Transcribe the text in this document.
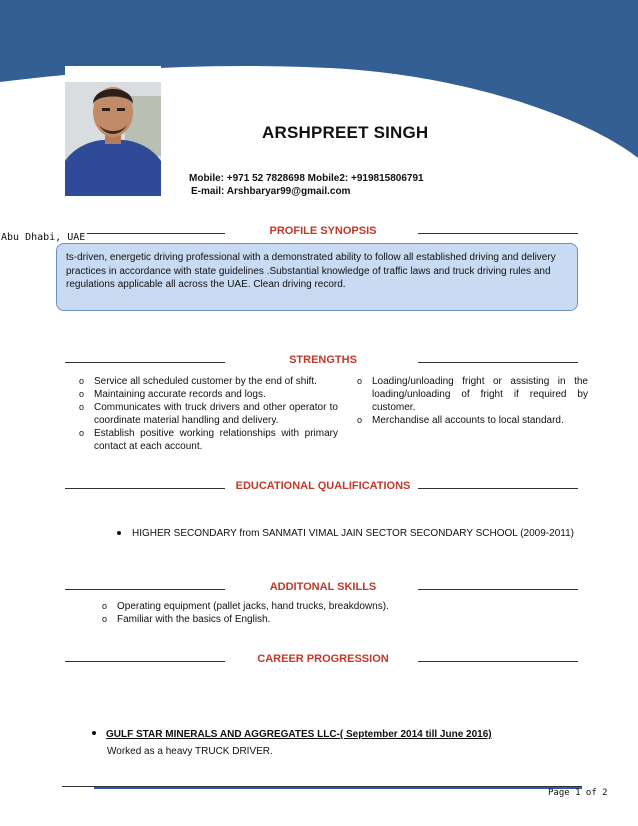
ARSHPREET SINGH
Mobile: +971 52 7828698 Mobile2: +919815806791
E-mail: Arshbaryar99@gmail.com
PROFILE SYNOPSIS
ts-driven, energetic driving professional with a demonstrated ability to follow all established driving and delivery practices in accordance with state guidelines .Substantial knowledge of traffic laws and truck driving rules and regulations applicable all across the UAE. Clean driving record.
Abu Dhabi, UAE
STRENGTHS
o Service all scheduled customer by the end of shift.
o Maintaining accurate records and logs.
o Communicates with truck drivers and other operator to coordinate material handling and delivery.
o Establish positive working relationships with primary contact at each account.
o Loading/unloading fright or assisting in the loading/unloading of fright if required by customer.
o Merchandise all accounts to local standard.
EDUCATIONAL QUALIFICATIONS
HIGHER SECONDARY from SANMATI VIMAL JAIN SECTOR SECONDARY SCHOOL (2009-2011)
ADDITONAL SKILLS
o Operating equipment (pallet jacks, hand trucks, breakdowns).
o Familiar with the basics of English.
CAREER PROGRESSION
GULF STAR MINERALS AND AGGREGATES LLC-( September 2014 till June 2016)
Worked as a heavy TRUCK DRIVER.
Page 1 of 2
